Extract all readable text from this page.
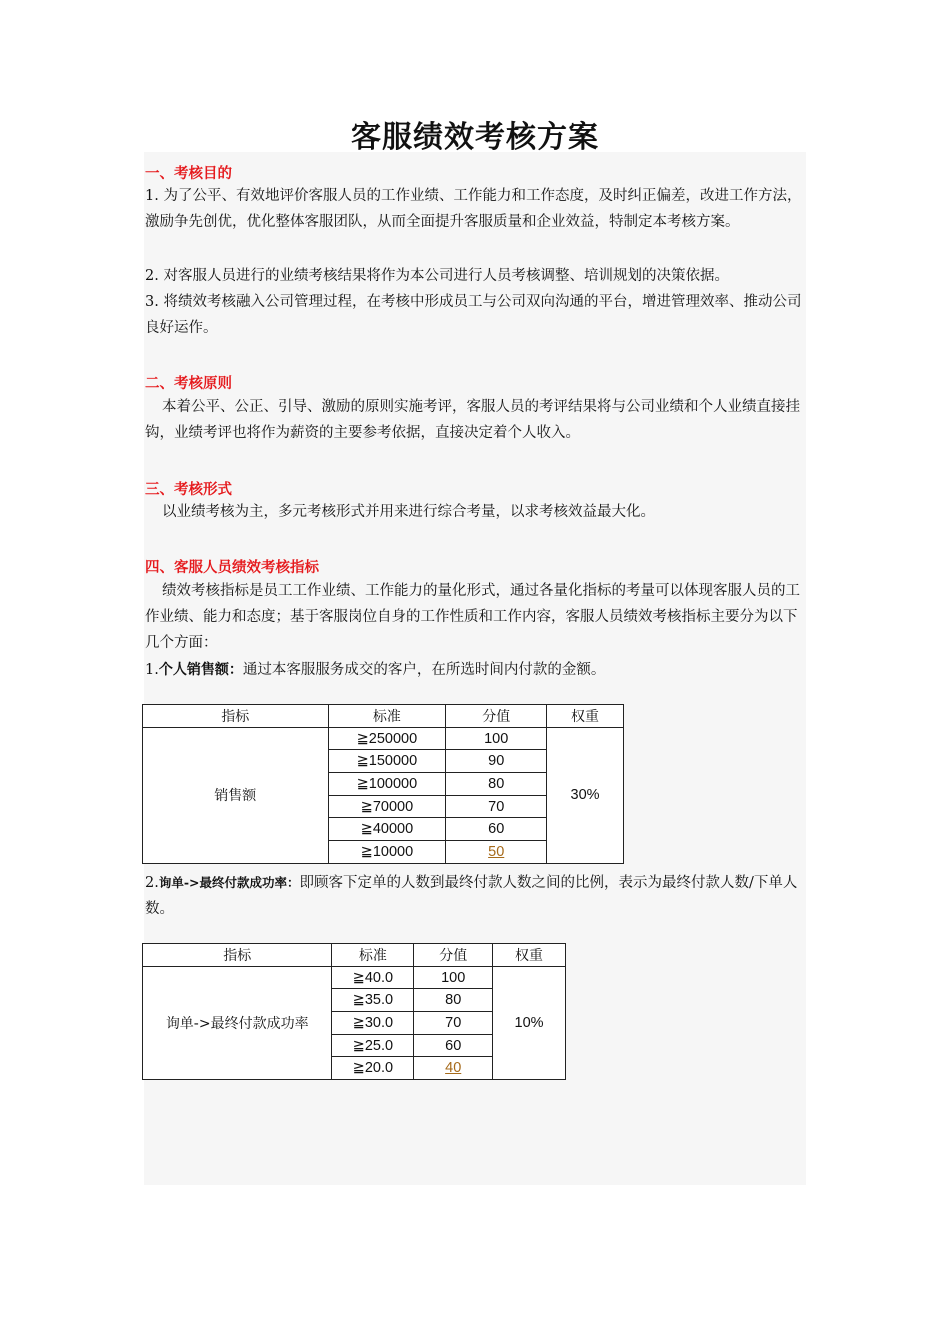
客服绩效考核方案
一、考核目的
1. 为了公平、有效地评价客服人员的工作业绩、工作能力和工作态度，及时纠正偏差，改进工作方法，激励争先创优，优化整体客服团队，从而全面提升客服质量和企业效益，特制定本考核方案。
2. 对客服人员进行的业绩考核结果将作为本公司进行人员考核调整、培训规划的决策依据。
3. 将绩效考核融入公司管理过程，在考核中形成员工与公司双向沟通的平台，增进管理效率、推动公司良好运作。
二、考核原则
本着公平、公正、引导、激励的原则实施考评，客服人员的考评结果将与公司业绩和个人业绩直接挂钩，业绩考评也将作为薪资的主要参考依据，直接决定着个人收入。
三、考核形式
以业绩考核为主，多元考核形式并用来进行综合考量，以求考核效益最大化。
四、客服人员绩效考核指标
绩效考核指标是员工工作业绩、工作能力的量化形式，通过各量化指标的考量可以体现客服人员的工作业绩、能力和态度；基于客服岗位自身的工作性质和工作内容，客服人员绩效考核指标主要分为以下几个方面：
1.个人销售额：通过本客服服务成交的客户，在所选时间内付款的金额。
指标	标准	分值	权重
销售额	≧250000	100	30%
	≧150000	90	
	≧100000	80	
	≧70000	70	
	≧40000	60	
	≧10000	50	
2.询单->最终付款成功率：即顾客下定单的人数到最终付款人数之间的比例，表示为最终付款人数/下单人数。
指标	标准	分值	权重
询单->最终付款成功率	≧40.0	100	10%
	≧35.0	80	
	≧30.0	70	
	≧25.0	60	
	≧20.0	40	
